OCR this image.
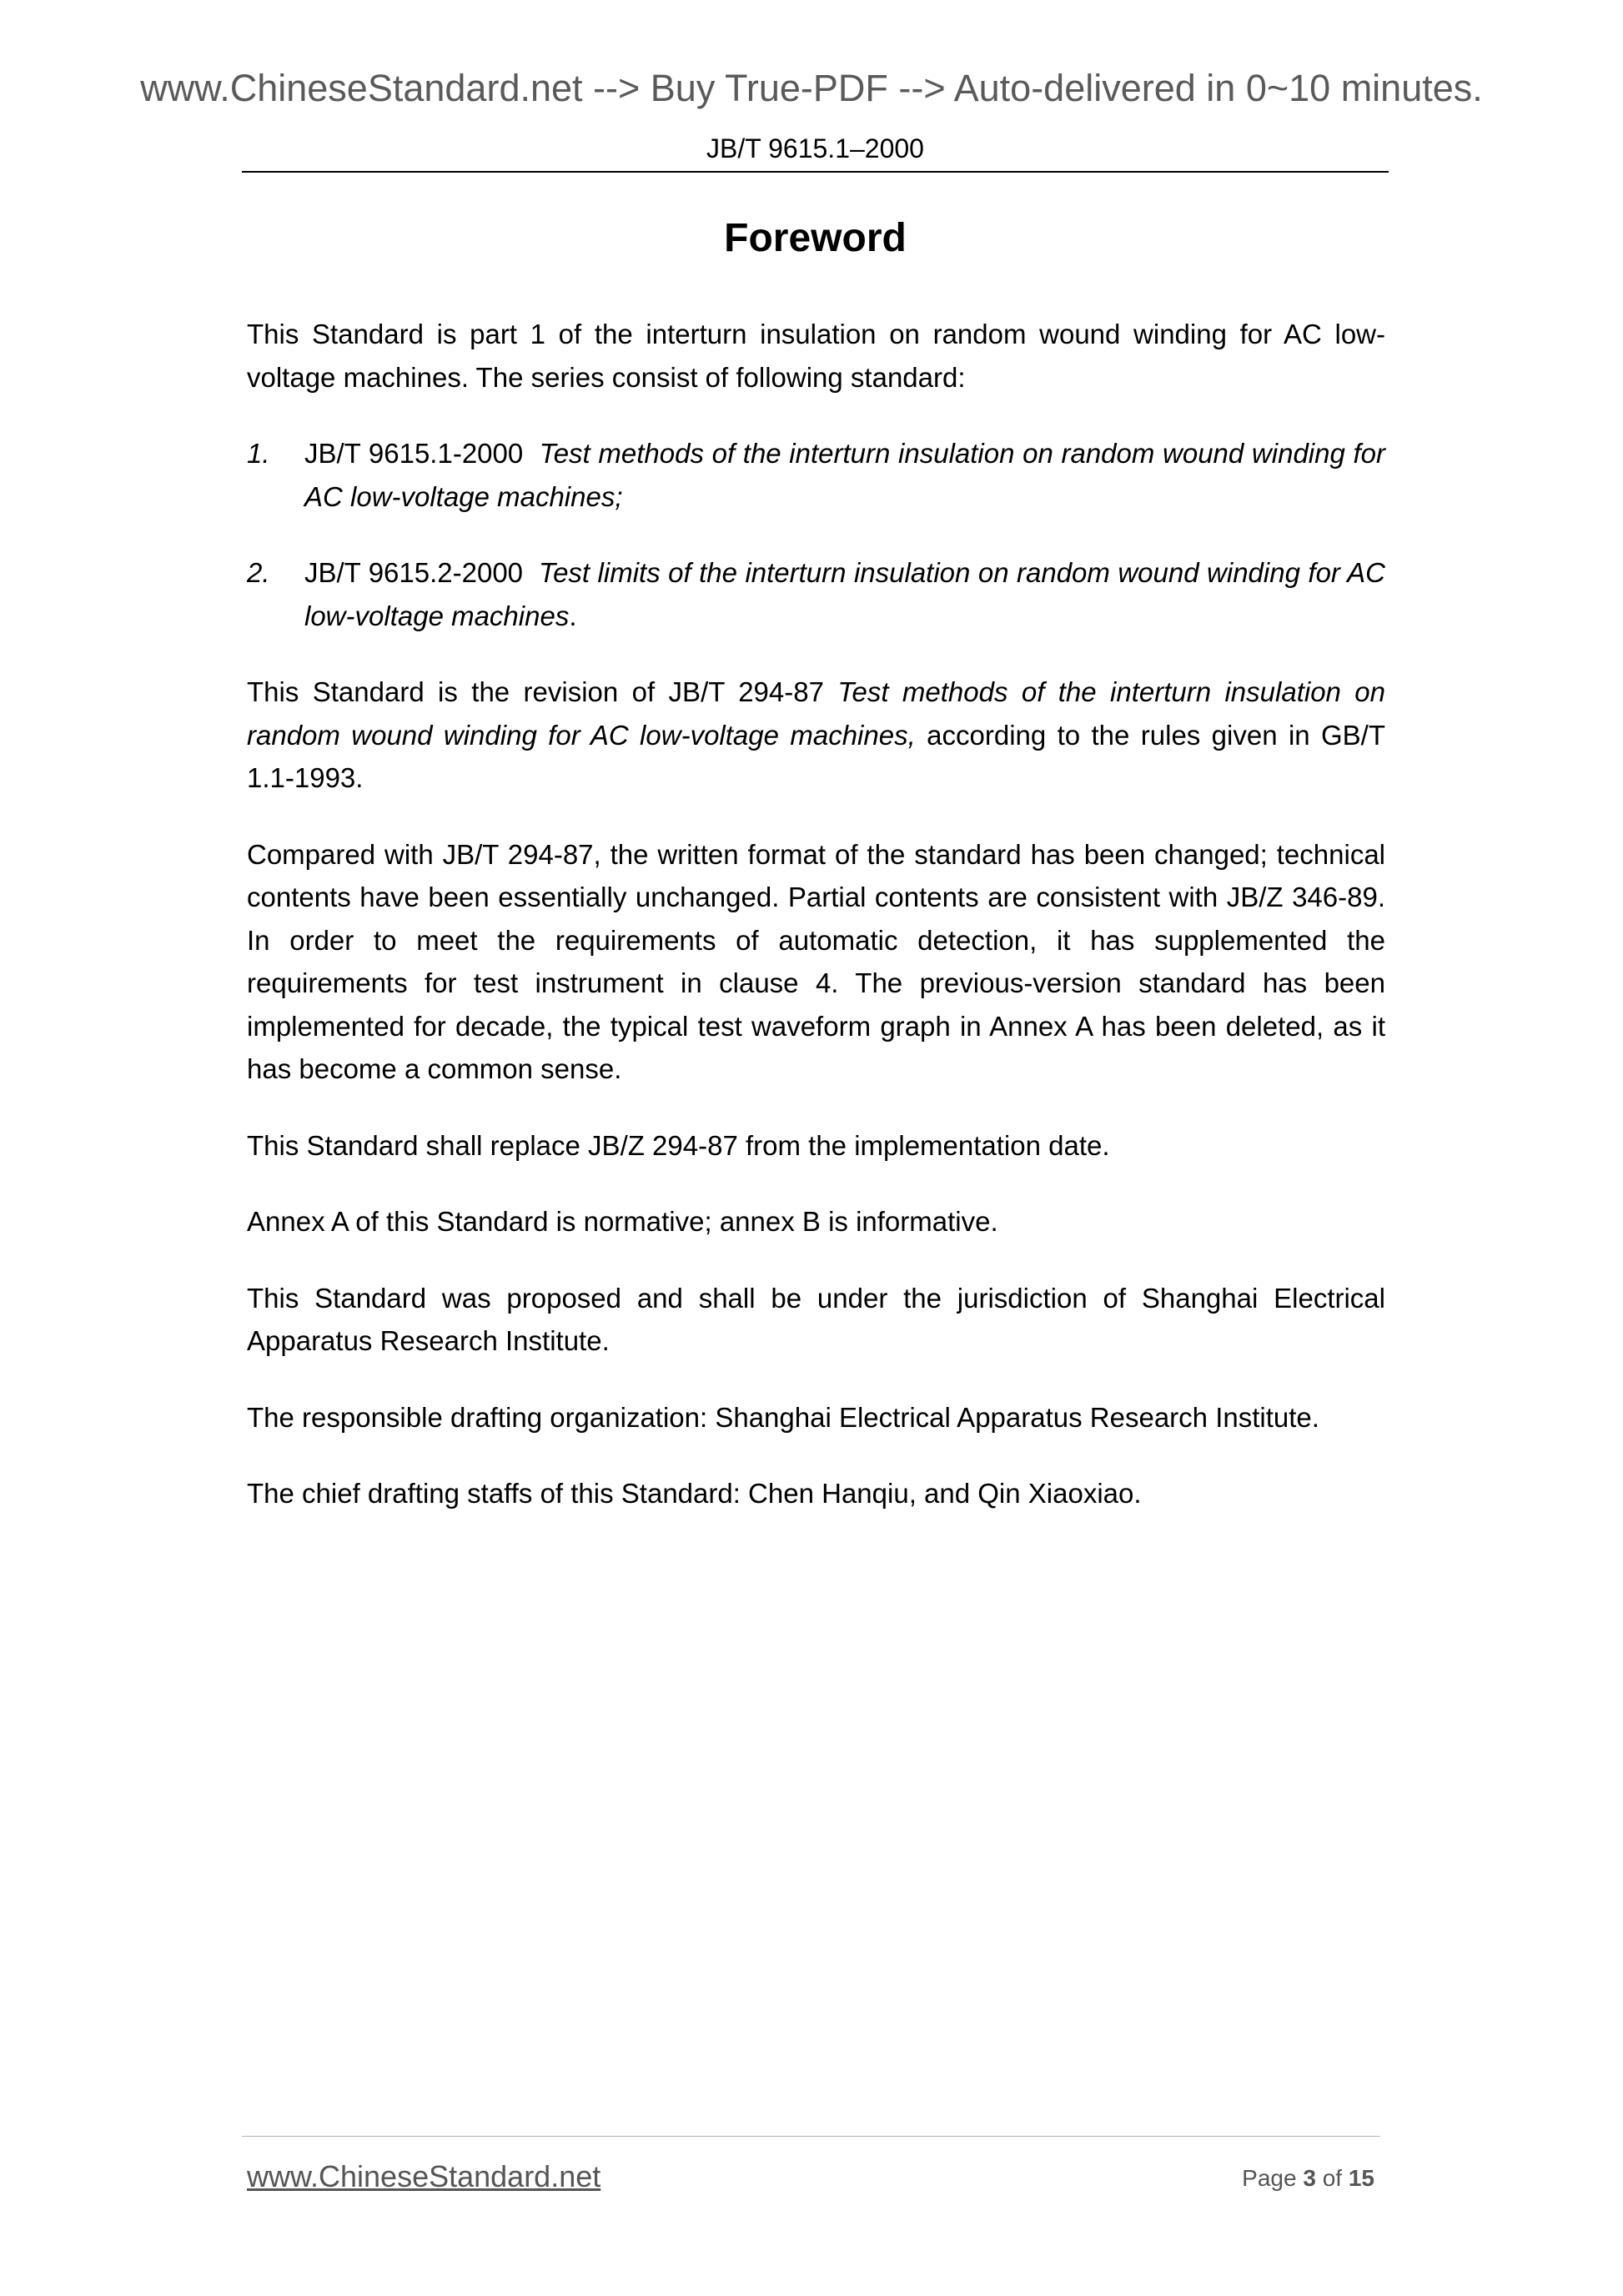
www.ChineseStandard.net --> Buy True-PDF --> Auto-delivered in 0~10 minutes.
JB/T 9615.1–2000
Foreword

This Standard is part 1 of the interturn insulation on random wound winding for AC low-voltage machines. The series consist of following standard:

1. JB/T 9615.1-2000 Test methods of the interturn insulation on random wound winding for AC low-voltage machines;
2. JB/T 9615.2-2000 Test limits of the interturn insulation on random wound winding for AC low-voltage machines.

This Standard is the revision of JB/T 294-87 Test methods of the interturn insulation on random wound winding for AC low-voltage machines, according to the rules given in GB/T 1.1-1993.

Compared with JB/T 294-87, the written format of the standard has been changed; technical contents have been essentially unchanged. Partial contents are consistent with JB/Z 346-89. In order to meet the requirements of automatic detection, it has supplemented the requirements for test instrument in clause 4. The previous-version standard has been implemented for decade, the typical test waveform graph in Annex A has been deleted, as it has become a common sense.

This Standard shall replace JB/Z 294-87 from the implementation date.

Annex A of this Standard is normative; annex B is informative.

This Standard was proposed and shall be under the jurisdiction of Shanghai Electrical Apparatus Research Institute.

The responsible drafting organization: Shanghai Electrical Apparatus Research Institute.

The chief drafting staffs of this Standard: Chen Hanqiu, and Qin Xiaoxiao.

www.ChineseStandard.net	Page 3 of 15
